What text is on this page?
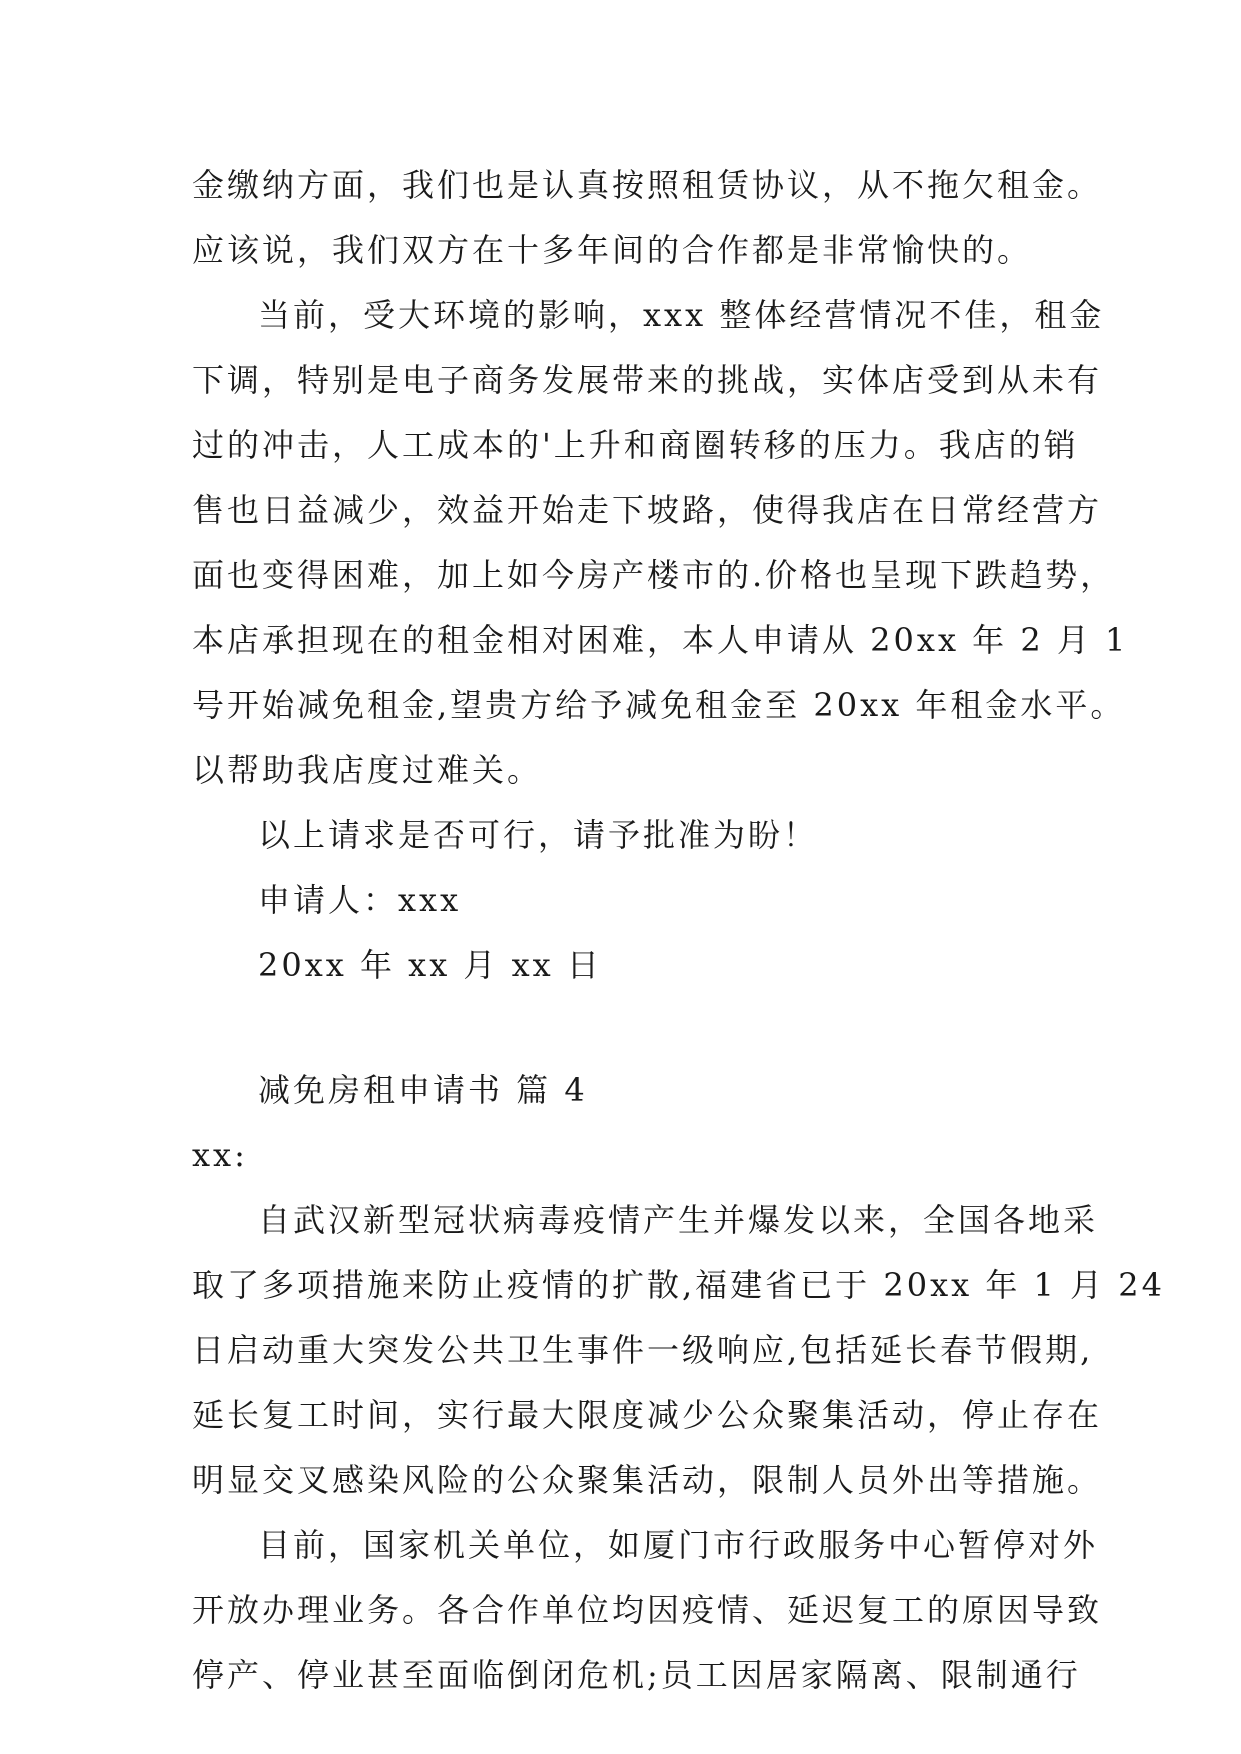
金缴纳方面，我们也是认真按照租赁协议，从不拖欠租金。
应该说，我们双方在十多年间的合作都是非常愉快的。
当前，受大环境的影响，xxx 整体经营情况不佳，租金
下调，特别是电子商务发展带来的挑战，实体店受到从未有
过的冲击，人工成本的'上升和商圈转移的压力。我店的销
售也日益减少，效益开始走下坡路，使得我店在日常经营方
面也变得困难，加上如今房产楼市的.价格也呈现下跌趋势，
本店承担现在的租金相对困难，本人申请从 20xx 年 2 月 1
号开始减免租金,望贵方给予减免租金至 20xx 年租金水平。
以帮助我店度过难关。
以上请求是否可行，请予批准为盼！
申请人：xxx
20xx 年 xx 月 xx 日
减免房租申请书 篇 4
xx:
自武汉新型冠状病毒疫情产生并爆发以来，全国各地采
取了多项措施来防止疫情的扩散,福建省已于 20xx 年 1 月 24
日启动重大突发公共卫生事件一级响应,包括延长春节假期,
延长复工时间，实行最大限度减少公众聚集活动，停止存在
明显交叉感染风险的公众聚集活动，限制人员外出等措施。
目前，国家机关单位，如厦门市行政服务中心暂停对外
开放办理业务。各合作单位均因疫情、延迟复工的原因导致
停产、停业甚至面临倒闭危机;员工因居家隔离、限制通行
